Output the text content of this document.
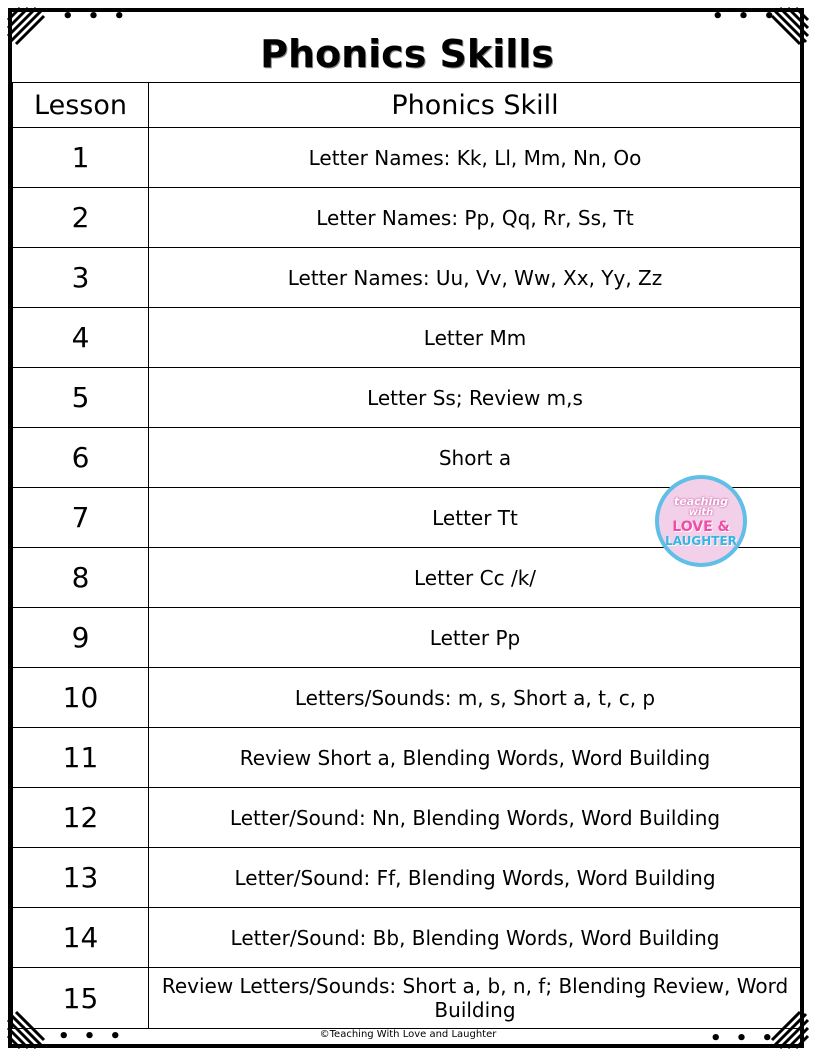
• • •	• • •
• • •	• • •
Phonics Skills
Lesson	Phonics Skill
1	Letter Names: Kk, Ll, Mm, Nn, Oo
2	Letter Names: Pp, Qq, Rr, Ss, Tt
3	Letter Names: Uu, Vv, Ww, Xx, Yy, Zz
4	Letter Mm
5	Letter Ss; Review m,s
6	Short a
7	Letter Tt
8	Letter Cc /k/
9	Letter Pp
10	Letters/Sounds: m, s, Short a, t, c, p
11	Review Short a, Blending Words, Word Building
12	Letter/Sound: Nn, Blending Words, Word Building
13	Letter/Sound: Ff, Blending Words, Word Building
14	Letter/Sound: Bb, Blending Words, Word Building
15	Review Letters/Sounds: Short a, b, n, f; Blending Review, Word Building
teaching
with
LOVE &
LAUGHTER
©Teaching With Love and Laughter
